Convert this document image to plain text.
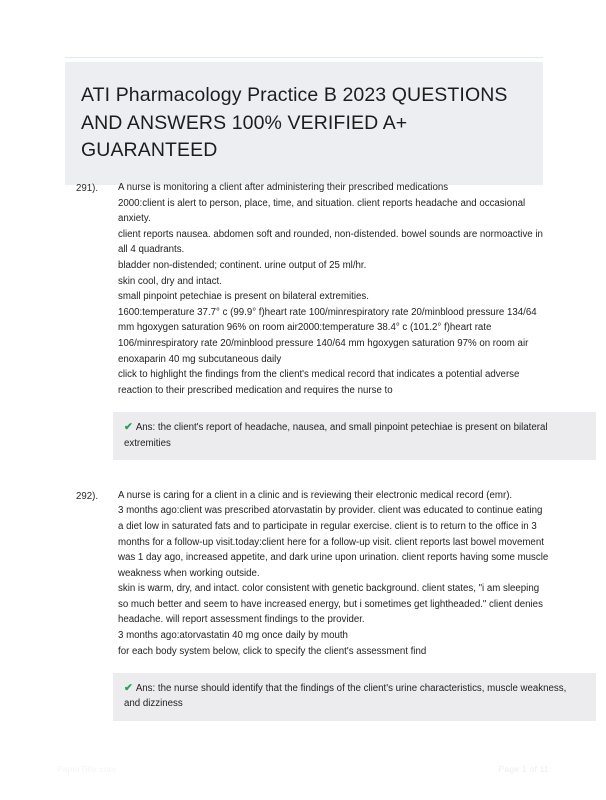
ATI Pharmacology Practice B 2023 QUESTIONS AND ANSWERS 100% VERIFIED A+ GUARANTEED
291).	A nurse is monitoring a client after administering their prescribed medications

2000:client is alert to person, place, time, and situation. client reports headache and occasional anxiety.

client reports nausea. abdomen soft and rounded, non-distended. bowel sounds are normoactive in all 4 quadrants.

bladder non-distended; continent. urine output of 25 ml/hr.

skin cool, dry and intact.

small pinpoint petechiae is present on bilateral extremities.

1600:temperature 37.7° c (99.9° f)heart rate 100/minrespiratory rate 20/minblood pressure 134/64 mm hgoxygen saturation 96% on room air2000:temperature 38.4° c (101.2° f)heart rate 106/minrespiratory rate 20/minblood pressure 140/64 mm hgoxygen saturation 97% on room air

enoxaparin 40 mg subcutaneous daily

click to highlight the findings from the client's medical record that indicates a potential adverse reaction to their prescribed medication and requires the nurse to

✔ Ans: the client's report of headache, nausea, and small pinpoint petechiae is present on bilateral extremities
292).	A nurse is caring for a client in a clinic and is reviewing their electronic medical record (emr).

3 months ago:client was prescribed atorvastatin by provider. client was educated to continue eating a diet low in saturated fats and to participate in regular exercise. client is to return to the office in 3 months for a follow-up visit.today:client here for a follow-up visit. client reports last bowel movement was 1 day ago, increased appetite, and dark urine upon urination. client reports having some muscle weakness when working outside.

skin is warm, dry, and intact. color consistent with genetic background. client states, "i am sleeping so much better and seem to have increased energy, but i sometimes get lightheaded." client denies headache. will report assessment findings to the provider.

3 months ago:atorvastatin 40 mg once daily by mouth

for each body system below, click to specify the client's assessment find

✔ Ans: the nurse should identify that the findings of the client's urine characteristics, muscle weakness, and dizziness
PaperTitle.com	Page 1 of 11
